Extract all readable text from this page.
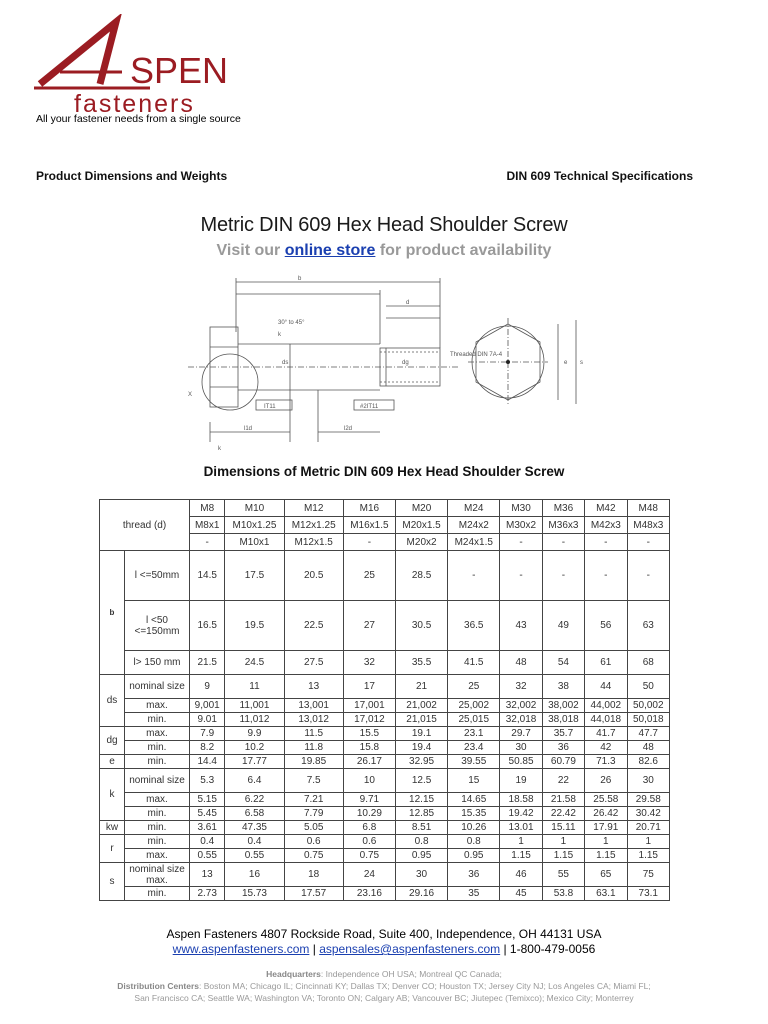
SPEN
fasteners
All your fastener needs from a single source
Product Dimensions and Weights	DIN 609 Technical Specifications
Metric DIN 609 Hex Head Shoulder Screw
Visit our online store for product availability
b
d
e
k
s
ds	dg
l1d	l2d
IT11	#2IT11
Threaded DIN 7A-4
30° to 45°
X
k
Dimensions of Metric DIN 609 Hex Head Shoulder Screw
thread (d)		M8	M10	M12	M16	M20	M24	M30	M36	M42	M48
		M8x1	M10x1.25	M12x1.25	M16x1.5	M20x1.5	M24x2	M30x2	M36x3	M42x3	M48x3
		-	M10x1	M12x1.5	-	M20x2	M24x1.5	-	-	-	-
b	l <=50mm	14.5	17.5	20.5	25	28.5	-	-	-	-	-
	l <50 <=150mm	16.5	19.5	22.5	27	30.5	36.5	43	49	56	63
	l> 150 mm	21.5	24.5	27.5	32	35.5	41.5	48	54	61	68
ds	nominal size	9	11	13	17	21	25	32	38	44	50
	max.	9,001	11,001	13,001	17,001	21,002	25,002	32,002	38,002	44,002	50,002
	min.	9.01	11,012	13,012	17,012	21,015	25,015	32,018	38,018	44,018	50,018
dg	max.	7.9	9.9	11.5	15.5	19.1	23.1	29.7	35.7	41.7	47.7
	min.	8.2	10.2	11.8	15.8	19.4	23.4	30	36	42	48
e	min.	14.4	17.77	19.85	26.17	32.95	39.55	50.85	60.79	71.3	82.6
k	nominal size	5.3	6.4	7.5	10	12.5	15	19	22	26	30
	max.	5.15	6.22	7.21	9.71	12.15	14.65	18.58	21.58	25.58	29.58
	min.	5.45	6.58	7.79	10.29	12.85	15.35	19.42	22.42	26.42	30.42
kw	min.	3.61	47.35	5.05	6.8	8.51	10.26	13.01	15.11	17.91	20.71
r	min.	0.4	0.4	0.6	0.6	0.8	0.8	1	1	1	1
	max.	0.55	0.55	0.75	0.75	0.95	0.95	1.15	1.15	1.15	1.15
s	nominal size max.	13	16	18	24	30	36	46	55	65	75
	min.	2.73	15.73	17.57	23.16	29.16	35	45	53.8	63.1	73.1
Aspen Fasteners 4807 Rockside Road, Suite 400, Independence, OH 44131 USA
www.aspenfasteners.com | aspensales@aspenfasteners.com | 1-800-479-0056
Headquarters: Independence OH USA; Montreal QC Canada;
Distribution Centers: Boston MA; Chicago IL; Cincinnati KY; Dallas TX; Denver CO; Houston TX; Jersey City NJ; Los Angeles CA; Miami FL;
San Francisco CA; Seattle WA; Washington VA; Toronto ON; Calgary AB; Vancouver BC; Jiutepec (Temixco); Mexico City; Monterrey
